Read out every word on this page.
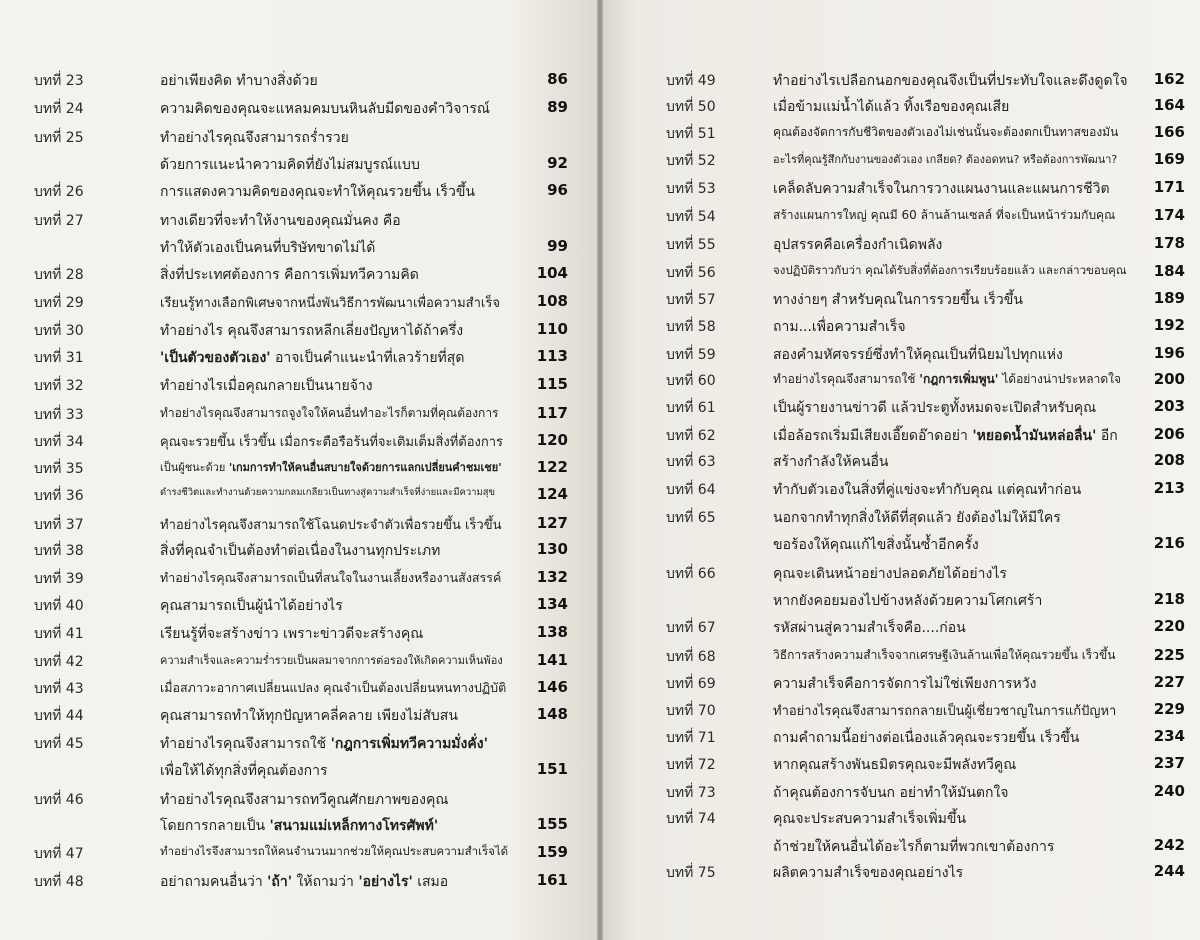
บทที่ 23	อย่าเพียงคิด ทำบางสิ่งด้วย	86
บทที่ 24	ความคิดของคุณจะแหลมคมบนหินลับมีดของคำวิจารณ์	89
บทที่ 25	ทำอย่างไรคุณจึงสามารถร่ำรวย
ด้วยการแนะนำความคิดที่ยังไม่สมบูรณ์แบบ	92
บทที่ 26	การแสดงความคิดของคุณจะทำให้คุณรวยขึ้น เร็วขึ้น	96
บทที่ 27	ทางเดียวที่จะทำให้งานของคุณมั่นคง คือ
ทำให้ตัวเองเป็นคนที่บริษัทขาดไม่ได้	99
บทที่ 28	สิ่งที่ประเทศต้องการ คือการเพิ่มทวีความคิด	104
บทที่ 29	เรียนรู้ทางเลือกพิเศษจากหนึ่งพันวิธีการพัฒนาเพื่อความสำเร็จ	108
บทที่ 30	ทำอย่างไร คุณจึงสามารถหลีกเลี่ยงปัญหาได้ถ้าครึ่ง	110
บทที่ 31	'เป็นตัวของตัวเอง' อาจเป็นคำแนะนำที่เลวร้ายที่สุด	113
บทที่ 32	ทำอย่างไรเมื่อคุณกลายเป็นนายจ้าง	115
บทที่ 33	ทำอย่างไรคุณจึงสามารถจูงใจให้คนอื่นทำอะไรก็ตามที่คุณต้องการ	117
บทที่ 34	คุณจะรวยขึ้น เร็วขึ้น เมื่อกระตือรือร้นที่จะเติมเต็มสิ่งที่ต้องการ	120
บทที่ 35	เป็นผู้ชนะด้วย 'เกมการทำให้คนอื่นสบายใจด้วยการแลกเปลี่ยนคำชมเชย'	122
บทที่ 36	ดำรงชีวิตและทำงานด้วยความกลมเกลียวเป็นทางสู่ความสำเร็จที่ง่ายและมีความสุข	124
บทที่ 37	ทำอย่างไรคุณจึงสามารถใช้โฉนดประจำตัวเพื่อรวยขึ้น เร็วขึ้น	127
บทที่ 38	สิ่งที่คุณจำเป็นต้องทำต่อเนื่องในงานทุกประเภท	130
บทที่ 39	ทำอย่างไรคุณจึงสามารถเป็นที่สนใจในงานเลี้ยงหรืองานสังสรรค์	132
บทที่ 40	คุณสามารถเป็นผู้นำได้อย่างไร	134
บทที่ 41	เรียนรู้ที่จะสร้างข่าว เพราะข่าวดีจะสร้างคุณ	138
บทที่ 42	ความสำเร็จและความร่ำรวยเป็นผลมาจากการต่อรองให้เกิดความเห็นพ้อง	141
บทที่ 43	เมื่อสภาวะอากาศเปลี่ยนแปลง คุณจำเป็นต้องเปลี่ยนหนทางปฏิบัติ	146
บทที่ 44	คุณสามารถทำให้ทุกปัญหาคลี่คลาย เพียงไม่สับสน	148
บทที่ 45	ทำอย่างไรคุณจึงสามารถใช้ 'กฎการเพิ่มทวีความมั่งคั่ง'
เพื่อให้ได้ทุกสิ่งที่คุณต้องการ	151
บทที่ 46	ทำอย่างไรคุณจึงสามารถทวีคูณศักยภาพของคุณ
โดยการกลายเป็น 'สนามแม่เหล็กทางโทรศัพท์'	155
บทที่ 47	ทำอย่างไรจึงสามารถให้คนจำนวนมากช่วยให้คุณประสบความสำเร็จได้	159
บทที่ 48	อย่าถามคนอื่นว่า 'ถ้า' ให้ถามว่า 'อย่างไร' เสมอ	161
บทที่ 49	ทำอย่างไรเปลือกนอกของคุณจึงเป็นที่ประทับใจและดึงดูดใจ	162
บทที่ 50	เมื่อข้ามแม่น้ำได้แล้ว ทิ้งเรือของคุณเสีย	164
บทที่ 51	คุณต้องจัดการกับชีวิตของตัวเองไม่เช่นนั้นจะต้องตกเป็นทาสของมัน	166
บทที่ 52	อะไรที่คุณรู้สึกกับงานของตัวเอง เกลียด? ต้องอดทน? หรือต้องการพัฒนา?	169
บทที่ 53	เคล็ดลับความสำเร็จในการวางแผนงานและแผนการชีวิต	171
บทที่ 54	สร้างแผนการใหญ่ คุณมี 60 ล้านล้านเซลล์ ที่จะเป็นหน้าร่วมกับคุณ	174
บทที่ 55	อุปสรรคคือเครื่องกำเนิดพลัง	178
บทที่ 56	จงปฏิบัติราวกับว่า คุณได้รับสิ่งที่ต้องการเรียบร้อยแล้ว และกล่าวขอบคุณ	184
บทที่ 57	ทางง่ายๆ สำหรับคุณในการรวยขึ้น เร็วขึ้น	189
บทที่ 58	ถาม...เพื่อความสำเร็จ	192
บทที่ 59	สองคำมหัศจรรย์ซึ่งทำให้คุณเป็นที่นิยมไปทุกแห่ง	196
บทที่ 60	ทำอย่างไรคุณจึงสามารถใช้ 'กฎการเพิ่มพูน' ได้อย่างน่าประหลาดใจ	200
บทที่ 61	เป็นผู้รายงานข่าวดี แล้วประตูทั้งหมดจะเปิดสำหรับคุณ	203
บทที่ 62	เมื่อล้อรถเริ่มมีเสียงเอี๊ยดอ๊าดอย่า 'หยอดน้ำมันหล่อลื่น' อีก	206
บทที่ 63	สร้างกำลังให้คนอื่น	208
บทที่ 64	ทำกับตัวเองในสิ่งที่คู่แข่งจะทำกับคุณ แต่คุณทำก่อน	213
บทที่ 65	นอกจากทำทุกสิ่งให้ดีที่สุดแล้ว ยังต้องไม่ให้มีใคร
ขอร้องให้คุณแก้ไขสิ่งนั้นซ้ำอีกครั้ง	216
บทที่ 66	คุณจะเดินหน้าอย่างปลอดภัยได้อย่างไร
หากยังคอยมองไปข้างหลังด้วยความโศกเศร้า	218
บทที่ 67	รหัสผ่านสู่ความสำเร็จคือ....ก่อน	220
บทที่ 68	วิธีการสร้างความสำเร็จจากเศรษฐีเงินล้านเพื่อให้คุณรวยขึ้น เร็วขึ้น	225
บทที่ 69	ความสำเร็จคือการจัดการไม่ใช่เพียงการหวัง	227
บทที่ 70	ทำอย่างไรคุณจึงสามารถกลายเป็นผู้เชี่ยวชาญในการแก้ปัญหา	229
บทที่ 71	ถามคำถามนี้อย่างต่อเนื่องแล้วคุณจะรวยขึ้น เร็วขึ้น	234
บทที่ 72	หากคุณสร้างพันธมิตรคุณจะมีพลังทวีคูณ	237
บทที่ 73	ถ้าคุณต้องการจับนก อย่าทำให้มันตกใจ	240
บทที่ 74	คุณจะประสบความสำเร็จเพิ่มขึ้น
ถ้าช่วยให้คนอื่นได้อะไรก็ตามที่พวกเขาต้องการ	242
บทที่ 75	ผลิตความสำเร็จของคุณอย่างไร	244
